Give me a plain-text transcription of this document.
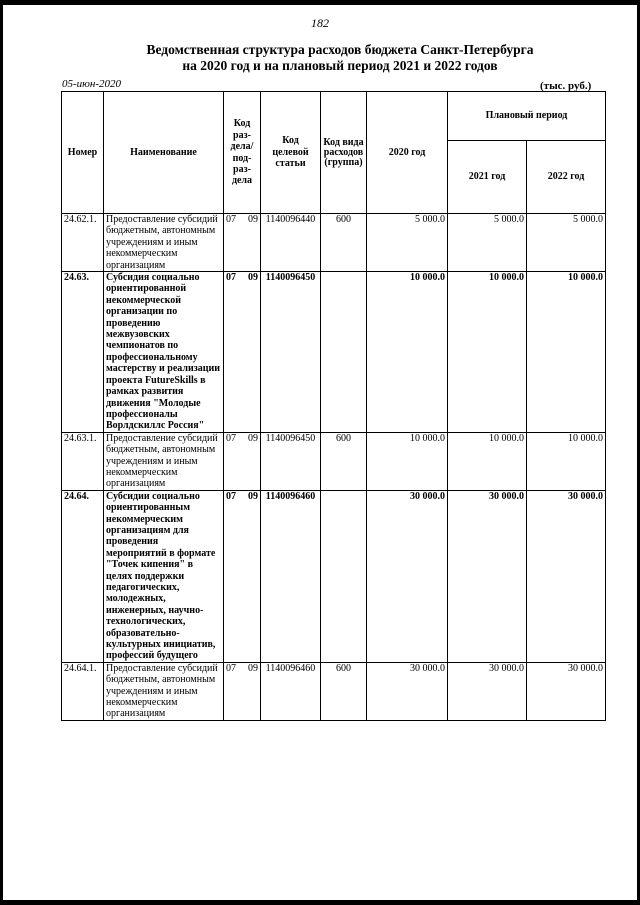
182
Ведомственная структура расходов бюджета Санкт-Петербурга
на 2020 год и на плановый период 2021 и 2022 годов
05-июн-2020	(тыс. руб.)
Номер	Наименование	Код раз-дела/ под-раз-дела	Код целевой статьи	Код вида расходов (группа)	2020 год	Плановый период	
						2021 год	2022 год
24.62.1.	Предоставление субсидий бюджетным, автономным учреждениям и иным некоммерческим организациям	07 09	1140096440	600	5 000.0	5 000.0	5 000.0
24.63.	Субсидия социально ориентированной некоммерческой организации по проведению межвузовских чемпионатов по профессиональному мастерству и реализации проекта FutureSkills в рамках развития движения "Молодые профессионалы Ворлдскиллс Россия"	07 09	1140096450		10 000.0	10 000.0	10 000.0
24.63.1.	Предоставление субсидий бюджетным, автономным учреждениям и иным некоммерческим организациям	07 09	1140096450	600	10 000.0	10 000.0	10 000.0
24.64.	Субсидии социально ориентированным некоммерческим организациям для проведения мероприятий в формате "Точек кипения" в целях поддержки педагогических, молодежных, инженерных, научно-технологических, образовательно-культурных инициатив, профессий будущего	07 09	1140096460		30 000.0	30 000.0	30 000.0
24.64.1.	Предоставление субсидий бюджетным, автономным учреждениям и иным некоммерческим организациям	07 09	1140096460	600	30 000.0	30 000.0	30 000.0
